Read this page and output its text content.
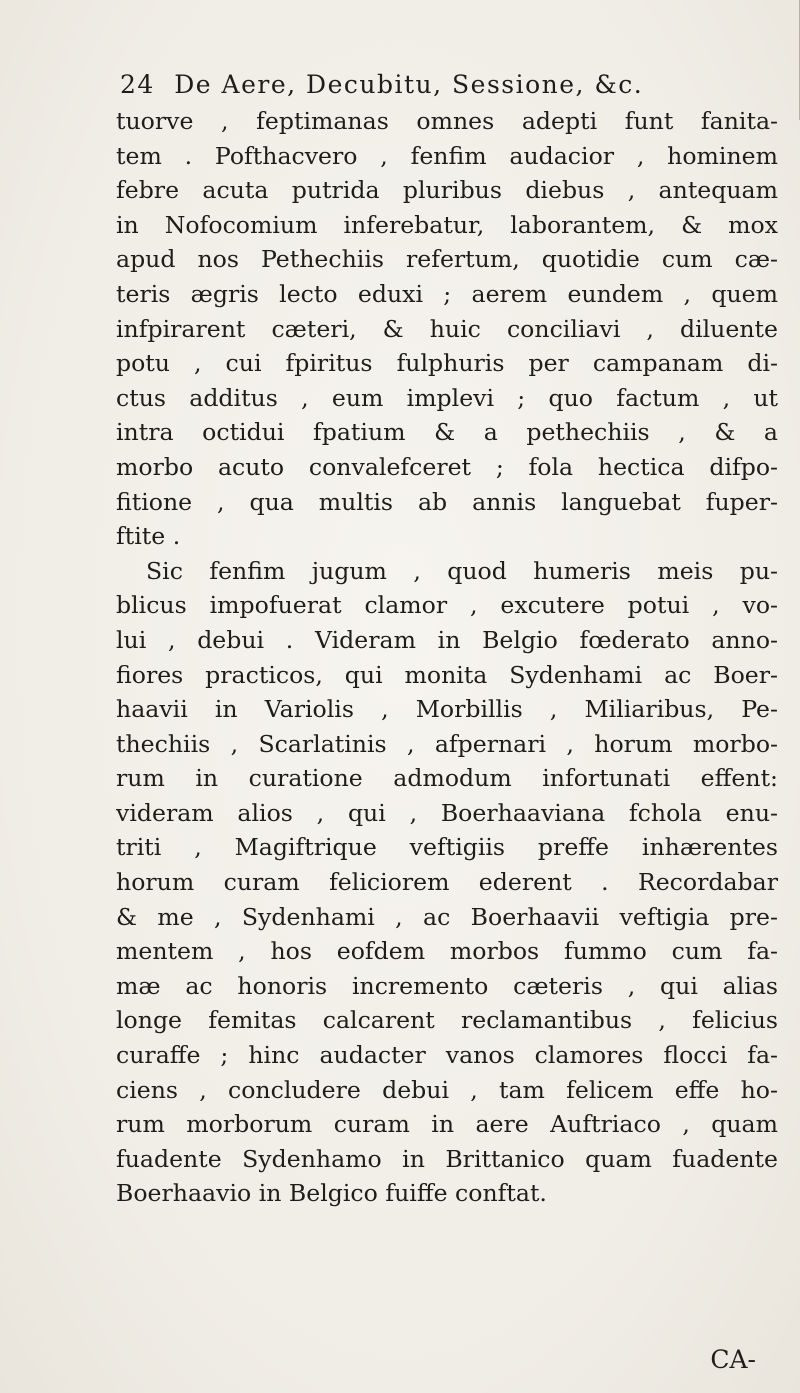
24 De Aere, Decubitu, Sessione, &c.
tuorve , feptimanas omnes adepti funt fanita-
tem . Pofthacvero , fenfim audacior , hominem
febre acuta putrida pluribus diebus , antequam
in Nofocomium inferebatur, laborantem, & mox
apud nos Pethechiis refertum, quotidie cum cæ-
teris ægris lecto eduxi ; aerem eundem , quem
infpirarent cæteri, & huic conciliavi , diluente
potu , cui fpiritus fulphuris per campanam di-
ctus additus , eum implevi ; quo factum , ut
intra octidui fpatium & a pethechiis , & a
morbo acuto convalefceret ; fola hectica difpo-
fitione , qua multis ab annis languebat fuper-
ftite .
Sic fenfim jugum , quod humeris meis pu-
blicus impofuerat clamor , excutere potui , vo-
lui , debui . Videram in Belgio fœderato anno-
fiores practicos, qui monita Sydenhami ac Boer-
haavii in Variolis , Morbillis , Miliaribus, Pe-
thechiis , Scarlatinis , afpernari , horum morbo-
rum in curatione admodum infortunati effent:
videram alios , qui , Boerhaaviana fchola enu-
triti , Magiftrique veftigiis preffe inhærentes
horum curam feliciorem ederent . Recordabar
& me , Sydenhami , ac Boerhaavii veftigia pre-
mentem , hos eofdem morbos fummo cum fa-
mæ ac honoris incremento cæteris , qui alias
longe femitas calcarent reclamantibus , felicius
curaffe ; hinc audacter vanos clamores flocci fa-
ciens , concludere debui , tam felicem effe ho-
rum morborum curam in aere Auftriaco , quam
fuadente Sydenhamo in Brittanico quam fuadente
Boerhaavio in Belgico fuiffe conftat.
CA-
